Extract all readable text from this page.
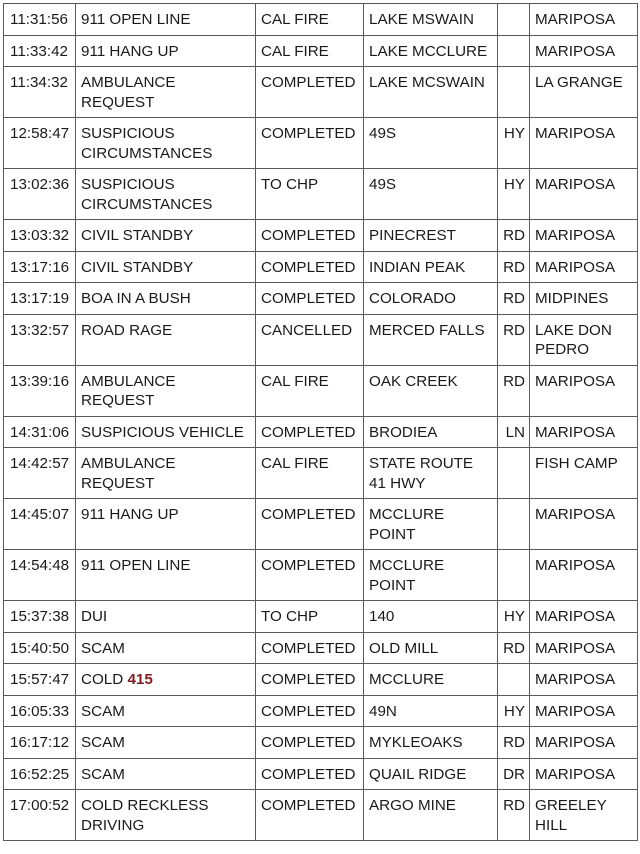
11:31:56	911 OPEN LINE	CAL FIRE	LAKE MSWAIN		MARIPOSA
11:33:42	911 HANG UP	CAL FIRE	LAKE MCCLURE		MARIPOSA
11:34:32	AMBULANCE REQUEST	COMPLETED	LAKE MCSWAIN		LA GRANGE
12:58:47	SUSPICIOUS CIRCUMSTANCES	COMPLETED	49S	HY	MARIPOSA
13:02:36	SUSPICIOUS CIRCUMSTANCES	TO CHP	49S	HY	MARIPOSA
13:03:32	CIVIL STANDBY	COMPLETED	PINECREST	RD	MARIPOSA
13:17:16	CIVIL STANDBY	COMPLETED	INDIAN PEAK	RD	MARIPOSA
13:17:19	BOA IN A BUSH	COMPLETED	COLORADO	RD	MIDPINES
13:32:57	ROAD RAGE	CANCELLED	MERCED FALLS	RD	LAKE DON PEDRO
13:39:16	AMBULANCE REQUEST	CAL FIRE	OAK CREEK	RD	MARIPOSA
14:31:06	SUSPICIOUS VEHICLE	COMPLETED	BRODIEA	LN	MARIPOSA
14:42:57	AMBULANCE REQUEST	CAL FIRE	STATE ROUTE 41 HWY		FISH CAMP
14:45:07	911 HANG UP	COMPLETED	MCCLURE POINT		MARIPOSA
14:54:48	911 OPEN LINE	COMPLETED	MCCLURE POINT		MARIPOSA
15:37:38	DUI	TO CHP	140	HY	MARIPOSA
15:40:50	SCAM	COMPLETED	OLD MILL	RD	MARIPOSA
15:57:47	COLD 415	COMPLETED	MCCLURE		MARIPOSA
16:05:33	SCAM	COMPLETED	49N	HY	MARIPOSA
16:17:12	SCAM	COMPLETED	MYKLEOAKS	RD	MARIPOSA
16:52:25	SCAM	COMPLETED	QUAIL RIDGE	DR	MARIPOSA
17:00:52	COLD RECKLESS DRIVING	COMPLETED	ARGO MINE	RD	GREELEY HILL
